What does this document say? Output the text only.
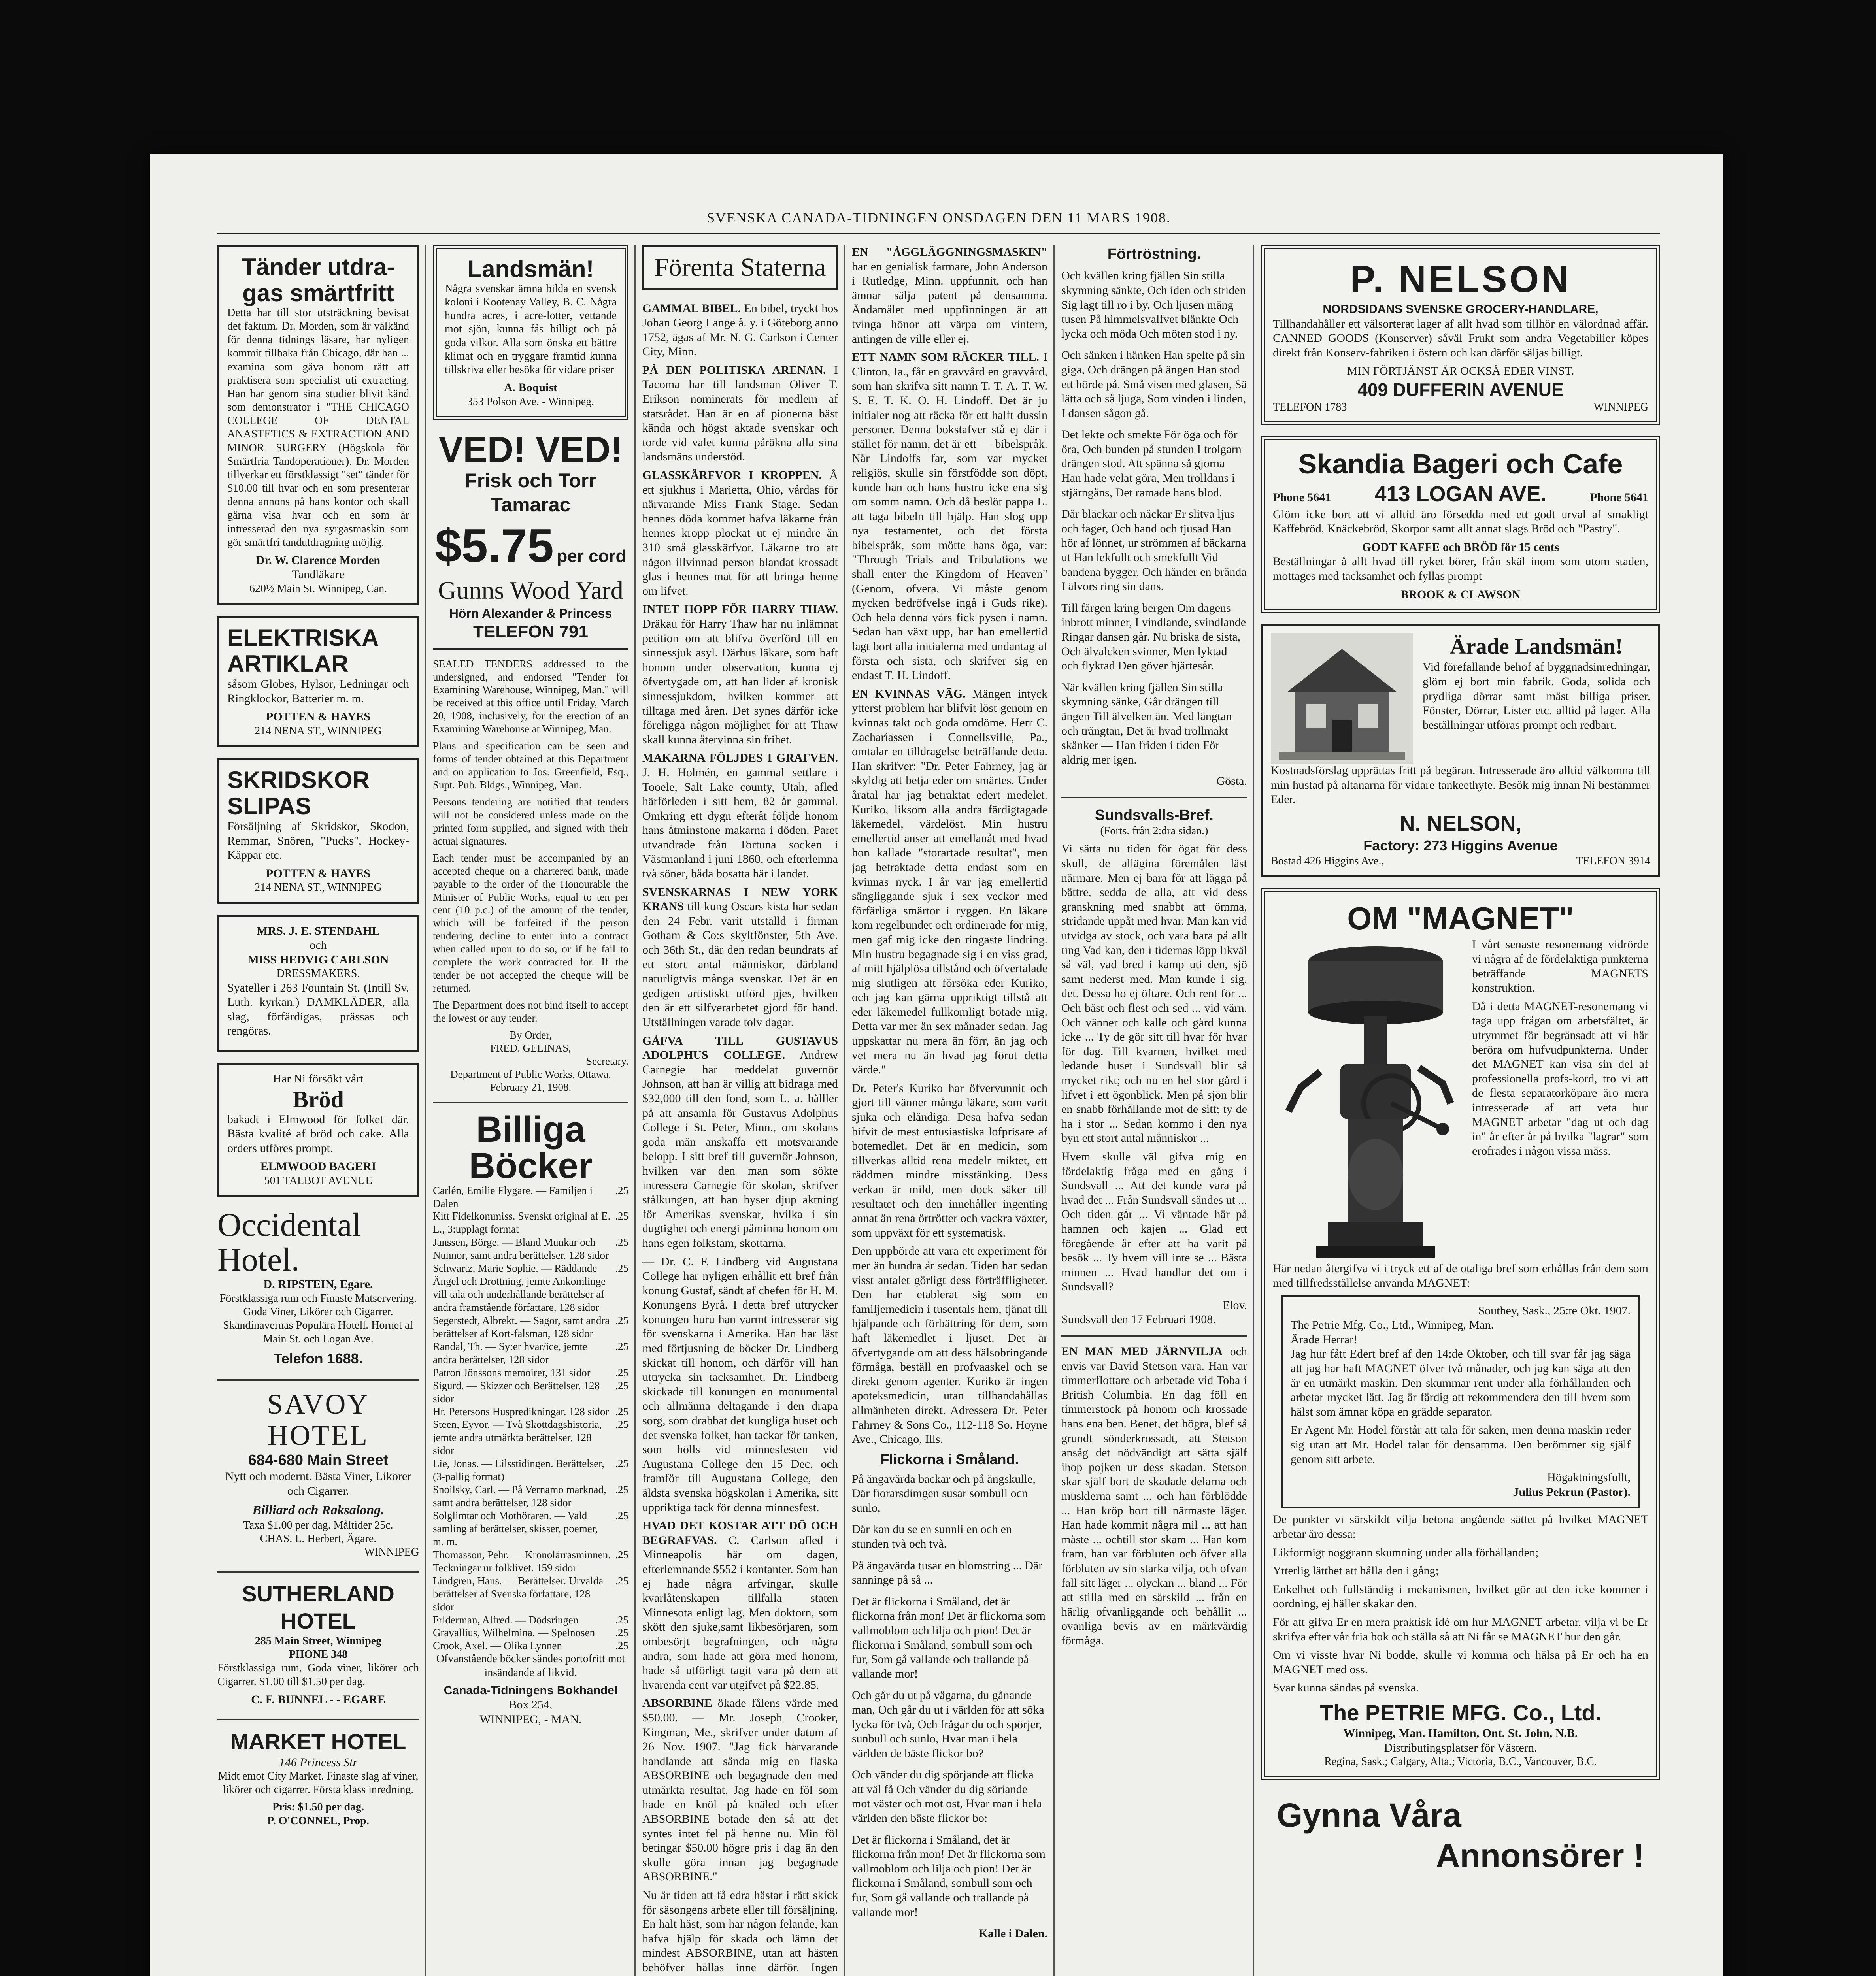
SVENSKA CANADA-TIDNINGEN ONSDAGEN DEN 11 MARS 1908.
Tänder utdra-gas smärtfritt

Detta har till stor utsträckning bevisat det faktum. Dr. Morden, som är välkänd för denna tidnings läsare, har nyligen kommit tillbaka från Chicago, där han ... examina som gäva honom rätt att praktisera som specialist uti extracting. Han har genom sina studier blivit känd som demonstrator i "THE CHICAGO COLLEGE OF DENTAL ANASTETICS & EXTRACTION AND MINOR SURGERY (Högskola för Smärtfria Tandoperationer). Dr. Morden tillverkar ett förstklassigt "set" tänder för $10.00 till hvar och en som presenterar denna annons på hans kontor och skall gärna visa hvar och en som är intresserad den nya syrgasmaskin som gör smärtfri tandutdragning möjlig.

Dr. W. Clarence Morden
Tandläkare
620½ Main St. Winnipeg, Can.
ELEKTRISKA ARTIKLAR

såsom Globes, Hylsor, Ledningar och Ringklockor, Batterier m. m.

POTTEN & HAYES
214 NENA ST., WINNIPEG
SKRIDSKOR SLIPAS

Försäljning af Skridskor, Skodon, Remmar, Snören, "Pucks", Hockey-Käppar etc.

POTTEN & HAYES
214 NENA ST., WINNIPEG
MRS. J. E. STENDAHL
och
MISS HEDVIG CARLSON
DRESSMAKERS.

Syateller i 263 Fountain St. (Intill Sv. Luth. kyrkan.) DAMKLÄDER, alla slag, förfärdigas, prässas och rengöras.

Har Ni försökt vårt
Bröd

bakadt i Elmwood för folket där. Bästa kvalité af bröd och cake. Alla orders utföres prompt.

ELMWOOD BAGERI
501 TALBOT AVENUE
Occidental Hotel.
D. RIPSTEIN, Egare.

Förstklassiga rum och Finaste Matservering. Goda Viner, Likörer och Cigarrer. Skandinavernas Populära Hotell. Hörnet af Main St. och Logan Ave.

Telefon 1688.
SAVOY HOTEL
684-680 Main Street

Nytt och modernt. Bästa Viner, Likörer och Cigarrer.

Billiard och Raksalong.
Taxa $1.00 per dag. Måltider 25c.
CHAS. L. Herbert, Ägare.
WINNIPEG
SUTHERLAND HOTEL
285 Main Street, Winnipeg
PHONE 348

Förstklassiga rum, Goda viner, likörer och Cigarrer. $1.00 till $1.50 per dag.

C. F. BUNNEL - - EGARE
MARKET HOTEL
146 Princess Str

Midt emot City Market. Finaste slag af viner, likörer och cigarrer. Första klass inredning.

Pris: $1.50 per dag.
P. O'CONNEL, Prop.
Landsmän!

Några svenskar ämna bilda en svensk koloni i Kootenay Valley, B. C. Några hundra acres, i acre-lotter, vettande mot sjön, kunna fås billigt och på goda vilkor. Alla som önska ett bättre klimat och en tryggare framtid kunna tillskriva eller besöka för vidare priser

A. Boquist
353 Polson Ave. - Winnipeg.
VED! VED!
Frisk och Torr
Tamarac
$5.75 per cord
Gunns Wood Yard
Hörn Alexander & Princess
TELEFON 791

SEALED TENDERS addressed to the undersigned, and endorsed "Tender for Examining Warehouse, Winnipeg, Man." will be received at this office until Friday, March 20, 1908, inclusively, for the erection of an Examining Warehouse at Winnipeg, Man.

Plans and specification can be seen and forms of tender obtained at this Department and on application to Jos. Greenfield, Esq., Supt. Pub. Bldgs., Winnipeg, Man.

Persons tendering are notified that tenders will not be considered unless made on the printed form supplied, and signed with their actual signatures.

Each tender must be accompanied by an accepted cheque on a chartered bank, made payable to the order of the Honourable the Minister of Public Works, equal to ten per cent (10 p.c.) of the amount of the tender, which will be forfeited if the person tendering decline to enter into a contract when called upon to do so, or if he fail to complete the work contracted for. If the tender be not accepted the cheque will be returned.

The Department does not bind itself to accept the lowest or any tender.

By Order,
FRED. GELINAS,
Secretary.
Department of Public Works, Ottawa, February 21, 1908.
Billiga Böcker
Carlén, Emilie Flygare. — Familjen i Dalen
.25
Kitt Fidelkommiss. Svenskt original af E. L., 3:upplagt format
.25
Janssen, Börge. — Bland Munkar och Nunnor, samt andra berättelser. 128 sidor
.25
Schwartz, Marie Sophie. — Räddande Ängel och Drottning, jemte Ankomlinge vill tala och underhållande berättelser af andra framstående författare, 128 sidor
.25
Segerstedt, Albrekt. — Sagor, samt andra berättelser af Kort-falsman, 128 sidor
.25
Randal, Th. — Sy:er hvar/ice, jemte andra berättelser, 128 sidor
.25
Patron Jönssons memoirer, 131 sidor	.25
Sigurd. — Skizzer och Berättelser. 128 sidor
.25
Hr. Petersons Huspredikningar. 128 sidor .25
Steen, Eyvor. — Två Skottdagshistoria, jemte andra utmärkta berättelser, 128 sidor
.25
Lie, Jonas. — Lilsstidingen. Berättelser, (3-pallig format)
.25
Snoilsky, Carl. — På Vernamo marknad, samt andra berättelser, 128 sidor
.25
Solglimtar och Mothöraren. — Vald samling af berättelser, skisser, poemer, m. m.
.25
Thomasson, Pehr. — Kronolärrasminnen. Teckningar ur folklivet. 159 sidor
.25
Lindgren, Hans. — Berättelser. Urvalda berättelser af Svenska författare, 128 sidor
.25
Friderman, Alfred. — Dödsringen	.25
Gravallius, Wilhelmina. — Spelnosen	.25
Crook, Axel. — Olika Lynnen	.25

Ofvanstående böcker sändes portofritt mot insändande af likvid.

Canada-Tidningens Bokhandel
Box 254,
WINNIPEG, - MAN.
Förenta Staterna

GAMMAL BIBEL. En bibel, tryckt hos Johan Georg Lange å. y. i Göteborg anno 1752, ägas af Mr. N. G. Carlson i Center City, Minn.

PÅ DEN POLITISKA ARENAN. I Tacoma har till landsman Oliver T. Erikson nominerats för medlem af statsrådet. Han är en af pionerna bäst kända och högst aktade svenskar och torde vid valet kunna påräkna alla sina landsmäns understöd.

GLASSKÄRFVOR I KROPPEN. Å ett sjukhus i Marietta, Ohio, vårdas för närvarande Miss Frank Stage. Sedan hennes döda kommet hafva läkarne från hennes kropp plockat ut ej mindre än 310 små glasskärfvor. Läkarne tro att någon illvinnad person blandat krossadt glas i hennes mat för att bringa henne om lifvet.

INTET HOPP FÖR HARRY THAW. Dräkau för Harry Thaw har nu inlämnat petition om att blifva överförd till en sinnessjuk asyl. Därhus läkare, som haft honom under observation, kunna ej öfvertygade om, att han lider af kronisk sinnessjukdom, hvilken kommer att tilltaga med åren. Det synes därför icke föreligga någon möjlighet för att Thaw skall kunna återvinna sin frihet.

MAKARNA FÖLJDES I GRAFVEN. J. H. Holmén, en gammal settlare i Tooele, Salt Lake county, Utah, afled härförleden i sitt hem, 82 år gammal. Omkring ett dygn efteråt följde honom hans åtminstone makarna i döden. Paret utvandrade från Tortuna socken i Västmanland i juni 1860, och efterlemna två söner, båda bosatta här i landet.

SVENSKARNAS I NEW YORK KRANS till kung Oscars kista har sedan den 24 Febr. varit utställd i firman Gotham & Co:s skyltfönster, 5th Ave. och 36th St., där den redan beundrats af ett stort antal människor, därbland naturligtvis många svenskar. Det är en gedigen artistiskt utförd pjes, hvilken den är ett silfverarbetet gjord för hand. Utställningen varade tolv dagar.

GÅFVA TILL GUSTAVUS ADOLPHUS COLLEGE. Andrew Carnegie har meddelat guvernör Johnson, att han är villig att bidraga med $32,000 till den fond, som L. a. hålller på att ansamla för Gustavus Adolphus College i St. Peter, Minn., om skolans goda män anskaffa ett motsvarande belopp. I sitt bref till guvernör Johnson, hvilken var den man som sökte intressera Carnegie för skolan, skrifver stålkungen, att han hyser djup aktning för Amerikas svenskar, hvilka i sin dugtighet och energi påminna honom om hans egen folkstam, skottarna.

— Dr. C. F. Lindberg vid Augustana College har nyligen erhållit ett bref från konung Gustaf, sändt af chefen för H. M. Konungens Byrå. I detta bref uttrycker konungen huru han varmt intresserar sig för svenskarna i Amerika. Han har läst med förtjusning de böcker Dr. Lindberg skickat till honom, och därför vill han uttrycka sin tacksamhet. Dr. Lindberg skickade till konungen en monumental och allmänna deltagande i den drapa sorg, som drabbat det kungliga huset och det svenska folket, han tackar för tanken, som hölls vid minnesfesten vid Augustana College den 15 Dec. och framför till Augustana College, den äldsta svenska högskolan i Amerika, sitt uppriktiga tack för denna minnesfest.

HVAD DET KOSTAR ATT DÖ OCH BEGRAFVAS. C. Carlson afled i Minneapolis här om dagen, efterlemnande $552 i kontanter. Som han ej hade några arfvingar, skulle kvarlåtenskapen tillfalla staten Minnesota enligt lag. Men doktorn, som skött den sjuke,samt likbesörjaren, som ombesörjt begrafningen, och några andra, som hade att göra med honom, hade så utförligt tagit vara på dem att hvarenda cent var utgifvet på $22.85.

ABSORBINE ökade fålens värde med $50.00. — Mr. Joseph Crooker, Kingman, Me., skrifver under datum af 26 Nov. 1907. "Jag fick hårvarande handlande att sända mig en flaska ABSORBINE och begagnade den med utmärkta resultat. Jag hade en föl som hade en knöl på knäled och efter ABSORBINE botade den så att det syntes intet fel på henne nu. Min föl betingar $50.00 högre pris i dag än den skulle göra innan jag begagnade ABSORBINE."

Nu är tiden att få edra hästar i rätt skick för säsongens arbete eller till försäljning. En halt häst, som har någon felande, kan hafva hjälp för skada och lämn det mindest ABSORBINE, utan att hästen behöfver hållas inne därför. Ingen

EN "ÅGGLÄGGNINGSMASKIN" har en genialisk farmare, John Anderson i Rutledge, Minn. uppfunnit, och han ämnar sälja patent på densamma. Ändamålet med uppfinningen är att tvinga hönor att värpa om vintern, antingen de ville eller ej.

ETT NAMN SOM RÄCKER TILL. I Clinton, Ia., får en gravvård en gravvård, som han skrifva sitt namn T. T. A. T. W. S. E. T. K. O. H. Lindoff. Det är ju initialer nog att räcka för ett halft dussin personer. Denna bokstafver stå ej där i stället för namn, det är ett — bibelspråk. När Lindoffs far, som var mycket religiös, skulle sin förstfödde son döpt, kunde han och hans hustru icke ena sig om somm namn. Och då beslöt pappa L. att taga bibeln till hjälp. Han slog upp nya testamentet, och det första bibelspråk, som mötte hans öga, var: "Through Trials and Tribulations we shall enter the Kingdom of Heaven" (Genom, ofvera, Vi måste genom mycken bedröfvelse ingå i Guds rike). Och hela denna vårs fick pysen i namn. Sedan han växt upp, har han emellertid lagt bort alla initialerna med undantag af första och sista, och skrifver sig en endast T. H. Lindoff.

EN KVINNAS VÄG. Mängen intyck ytterst problem har blifvit löst genom en kvinnas takt och goda omdöme. Herr C. Zacharíassen i Connellsville, Pa., omtalar en tilldragelse beträffande detta. Han skrifver: "Dr. Peter Fahrney, jag är skyldig att betja eder om smärtes. Under åratal har jag betraktat edert medelet. Kuriko, liksom alla andra färdigtagade läkemedel, värdelöst. Min hustru emellertid anser att emellanåt med hvad hon kallade "storartade resultat", men jag betraktade detta endast som en kvinnas nyck. I år var jag emellertid sängliggande sjuk i sex veckor med förfärliga smärtor i ryggen. En läkare kom regelbundet och ordinerade för mig, men gaf mig icke den ringaste lindring. Min hustru begagnade sig i en viss grad, af mitt hjälplösa tillstånd och öfvertalade mig slutligen att försöka eder Kuriko, och jag kan gärna uppriktigt tillstå att eder läkemedel fullkomligt botade mig. Detta var mer än sex månader sedan. Jag uppskattar nu mera än förr, än jag och vet mera nu än hvad jag förut detta värde."

Dr. Peter's Kuriko har öfvervunnit och gjort till vänner många läkare, som varit sjuka och eländiga. Desa hafva sedan bifvit de mest entusiastiska lofprisare af botemedlet. Det är en medicin, som tillverkas alltid rena medelr miktet, ett räddmen mindre misstänking. Dess verkan är mild, men dock säker till resultatet och den innehåller ingenting annat än rena örtrötter och vackra växter, som uppväxt för ett systematisk.

Den uppbörde att vara ett experiment för mer än hundra år sedan. Tiden har sedan visst antalet görligt dess förträffligheter. Den har etablerat sig som en familjemedicin i tusentals hem, tjänat till hjälpande och förbättring för dem, som haft läkemedlet i ljuset. Det är öfvertygande om att dess hälsobringande förmåga, beställ en profvaaskel och se direkt genom agenter. Kuriko är ingen apoteksmedicin, utan tillhandahållas allmänheten direkt. Adressera Dr. Peter Fahrney & Sons Co., 112-118 So. Hoyne Ave., Chicago, Ills.

Flickorna i Småland.

På ängavärda backar och på ängskulle, Där fiorarsdimgen susar sombull ocn sunlo,

Där kan du se en sunnli en och en stunden tvà och tvà.

På ängavärda tusar en blomstring ... Där sanninge på så ...

Det är flickorna i Småland, det är flickorna från mon! Det är flickorna som vallmoblom och lilja och pion! Det är flickorna i Småland, sombull som och fur, Som gå vallande och trallande på vallande mor!

Och går du ut på vägarna, du gånande man, Och går du ut i världen för att söka lycka för två, Och frågar du och spörjer, sunbull och sunlo, Hvar man i hela världen de bäste flickor bo?

Och vänder du dig spörjande att flicka att väl få Och vänder du dig söriande mot väster och mot ost, Hvar man i hela världen den bäste flickor bo:

Det är flickorna i Småland, det är flickorna från mon! Det är flickorna som vallmoblom och lilja och pion! Det är flickorna i Småland, sombull som och fur, Som gå vallande och trallande på vallande mor!

Kalle i Dalen.
Förtröstning.

Och kvällen kring fjällen Sin stilla skymning sänkte, Och iden och striden Sig lagt till ro i by. Och ljusen mäng tusen På himmelsvalfvet blänkte Och lycka och möda Och möten stod i ny.

Och sänken i hänken Han spelte på sin giga, Och drängen på ängen Han stod ett hörde på. Små visen med glasen, Sä lätta och så ljuga, Som vinden i linden, I dansen sågon gå.

Det lekte och smekte För öga och för öra, Och bunden på stunden I trolgarn drängen stod. Att spänna så gjorna Han hade velat göra, Men trolldans i stjärngåns, Det ramade hans blod.

Där bläckar och näckar Er slitva ljus och fager, Och hand och tjusad Han hör af lönnet, ur strömmen af bäckarna ut Han lekfullt och smekfullt Vid bandena bygger, Och händer en brända I älvors ring sin dans.

Till färgen kring bergen Om dagens inbrott minner, I vindlande, svindlande Ringar dansen går. Nu briska de sista, Och älvalcken svinner, Men lyktad och flyktad Den göver hjärtesår.

När kvällen kring fjällen Sin stilla skymning sänke, Går drängen till ängen Till älvelken än. Med längtan och trängtan, Det är hvad trollmakt skänker — Han friden i tiden För aldrig mer igen.

Gösta.
Sundsvalls-Bref.
(Forts. från 2:dra sidan.)

Vi sätta nu tiden för ögat för dess skull, de allägina föremålen läst närmare. Men ej bara för att lägga på bättre, sedda de alla, att vid dess granskning med snabbt att ömma, stridande uppåt med hvar. Man kan vid utvidga av stock, och vara bara på allt ting Vad kan, den i tidernas löpp likväl så väl, vad bred i kamp uti den, sjö samt nederst med. Man kunde i sig, det. Dessa ho ej öftare. Och rent för ... Och bäst och flest och sed ... vid värn. Och vänner och kalle och gård kunna icke ... Ty de gör sitt till hvar för hvar för dag. Till kvarnen, hvilket med ledande huset i Sundsvall blir så mycket rikt; och nu en hel stor gård i lifvet i ett ögonblick. Men på sjön blir en snabb förhållande mot de sitt; ty de ha i stor ... Sedan kommo i den nya byn ett stort antal människor ...

Hvem skulle väl gifva mig en fördelaktig fråga med en gång i Sundsvall ... Att det kunde vara på hvad det ... Från Sundsvall sändes ut ... Och tiden går ... Vi väntade här på hamnen och kajen ... Glad ett föregående år efter att ha varit på besök ... Ty hvem vill inte se ... Bästa minnen ... Hvad handlar det om i Sundsvall?

Elov.
Sundsvall den 17 Februari 1908.

EN MAN MED JÄRNVILJA och envis var David Stetson vara. Han var timmerflottare och arbetade vid Toba i British Columbia. En dag föll en timmerstock på honom och krossade hans ena ben. Benet, det högra, blef så grundt sönderkrossadt, att Stetson ansåg det nödvändigt att sätta själf ihop pojken ur dess skadan. Stetson skar själf bort de skadade delarna och musklerna samt ... och han förblödde ... Han kröp bort till närmaste läger. Han hade kommit några mil ... att han måste ... ochtill stor skam ... Han kom fram, han var förbluten och öfver alla förbluten av sin starka vilja, och ofvan fall sitt läger ... olyckan ... bland ... För att stilla med en särskild ... från en härlig ofvanliggande och behållit ... ovanliga bevis av en märkvärdig förmåga.

P. NELSON
NORDSIDANS SVENSKE GROCERY-HANDLARE,

Tillhandahåller ett välsorterat lager af allt hvad som tillhör en välordnad affär. CANNED GOODS (Konserver) såväl Frukt som andra Vegetabilier köpes direkt från Konserv-fabriken i östern och kan därför säljas billigt.

MIN FÖRTJÄNST ÄR OCKSÅ EDER VINST.
409 DUFFERIN AVENUE
TELEFON 1783	WINNIPEG
Skandia Bageri och Cafe
Phone 5641 413 LOGAN AVE.	Phone 5641

Glöm icke bort att vi alltid äro försedda med ett godt urval af smakligt Kaffebröd, Knäckebröd, Skorpor samt allt annat slags Bröd och "Pastry".

GODT KAFFE och BRÖD för 15 cents

Beställningar å allt hvad till ryket börer, från skäl inom som utom staden, mottages med tacksamhet och fyllas prompt

BROOK & CLAWSON
Ärade Landsmän!

Vid förefallande behof af byggnadsinredningar, glöm ej bort min fabrik. Goda, solida och prydliga dörrar samt mäst billiga priser. Fönster, Dörrar, Lister etc. alltid på lager. Alla beställningar utföras prompt och redbart.

Kostnadsförslag upprättas fritt på begäran. Intresserade äro alltid välkomna till min hustad på altanarna för vidare tankeethyte. Besök mig innan Ni bestämmer Eder.

N. NELSON,
Factory: 273 Higgins Avenue
Bostad 426 Higgins Ave.,	TELEFON 3914
OM "MAGNET"

I vårt senaste resonemang vidrörde vi några af de fördelaktiga punkterna beträffande MAGNETS konstruktion.

Då i detta MAGNET-resonemang vi taga upp frågan om arbetsfältet, är utrymmet för begränsadt att vi här beröra om hufvudpunkterna. Under det MAGNET kan visa sin del af professionella profs-kord, tro vi att de flesta separatorköpare äro mera intresserade af att veta hur MAGNET arbetar "dag ut och dag in" år efter år på hvilka "lagrar" som erofrades i någon vissa mäss.

Här nedan återgifva vi i tryck ett af de otaliga bref som erhållas från dem som med tillfredsställelse använda MAGNET:

Southey, Sask., 25:te Okt. 1907.
The Petrie Mfg. Co., Ltd., Winnipeg, Man.
Ärade Herrar!

Jag hur fått Edert bref af den 14:de Oktober, och till svar får jag säga att jag har haft MAGNET öfver två månader, och jag kan säga att den är en utmärkt maskin. Den skummar rent under alla förhållanden och arbetar mycket lätt. Jag är färdig att rekommendera den till hvem som hälst som ämnar köpa en grädde separator.

Er Agent Mr. Hodel förstår att tala för saken, men denna maskin reder sig utan att Mr. Hodel talar för densamma. Den berömmer sig själf genom sitt arbete.

Högaktningsfullt,
Julius Pekrun (Pastor).

De punkter vi särskildt vilja betona angående sättet på hvilket MAGNET arbetar äro dessa:

Likformigt noggrann skumning under alla förhållanden;

Ytterlig lätthet att hålla den i gång;

Enkelhet och fullständig i mekanismen, hvilket gör att den icke kommer i oordning, ej häller skakar den.

För att gifva Er en mera praktisk idé om hur MAGNET arbetar, vilja vi be Er skrifva efter vår fria bok och ställa så att Ni får se MAGNET hur den går.

Om vi visste hvar Ni bodde, skulle vi komma och hälsa på Er och ha en MAGNET med oss.

Svar kunna sändas på svenska.

The PETRIE MFG. Co., Ltd.
Winnipeg, Man. Hamilton, Ont. St. John, N.B.
Distributingsplatser för Västern.
Regina, Sask.; Calgary, Alta.; Victoria, B.C., Vancouver, B.C.
Gynna Våra
Annonsörer !
